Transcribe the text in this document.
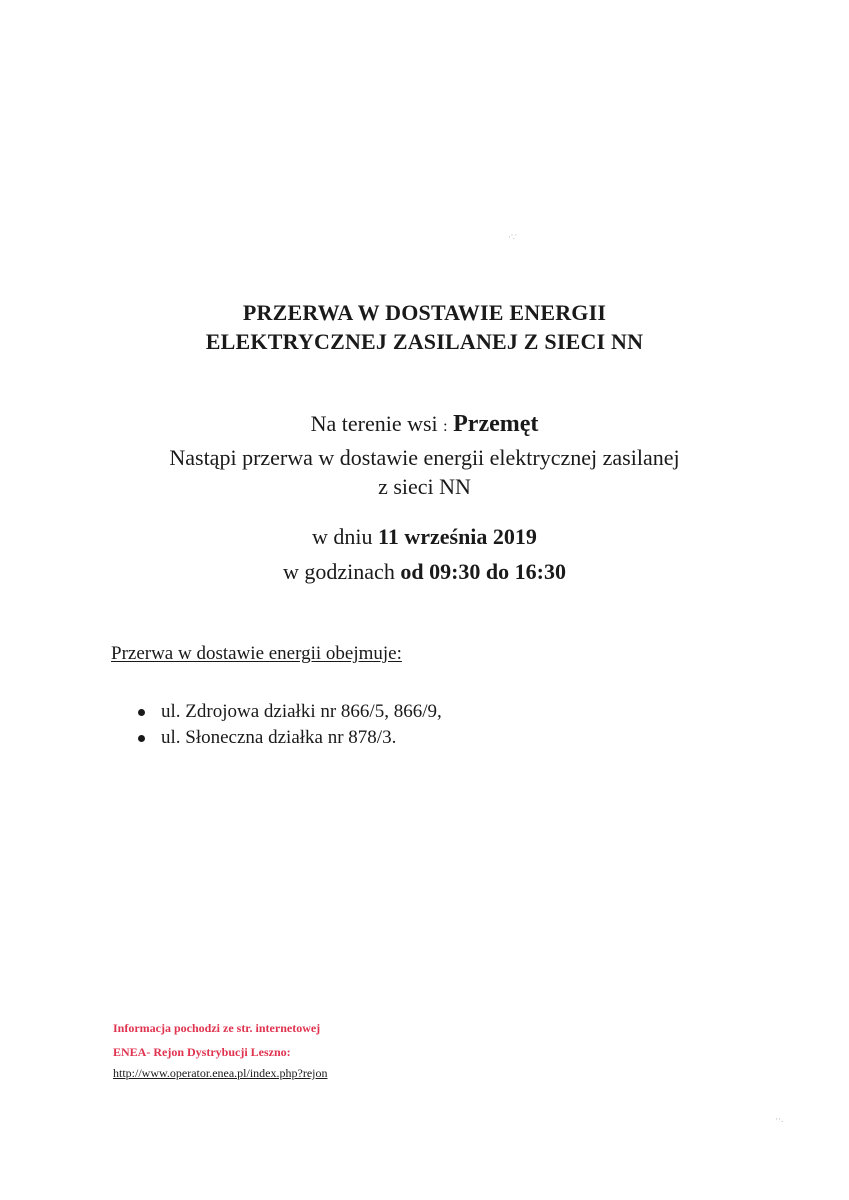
·∵
··.
PRZERWA W DOSTAWIE ENERGII
ELEKTRYCZNEJ ZASILANEJ Z SIECI NN
Na terenie wsi : Przemęt
Nastąpi przerwa w dostawie energii elektrycznej zasilanej
z sieci NN
w dniu 11 września 2019
w godzinach od 09:30 do 16:30
Przerwa w dostawie energii obejmuje:
ul. Zdrojowa działki nr 866/5, 866/9,
ul. Słoneczna działka nr 878/3.
Informacja pochodzi ze str. internetowej
ENEA- Rejon Dystrybucji Leszno:
http://www.operator.enea.pl/index.php?rejon
